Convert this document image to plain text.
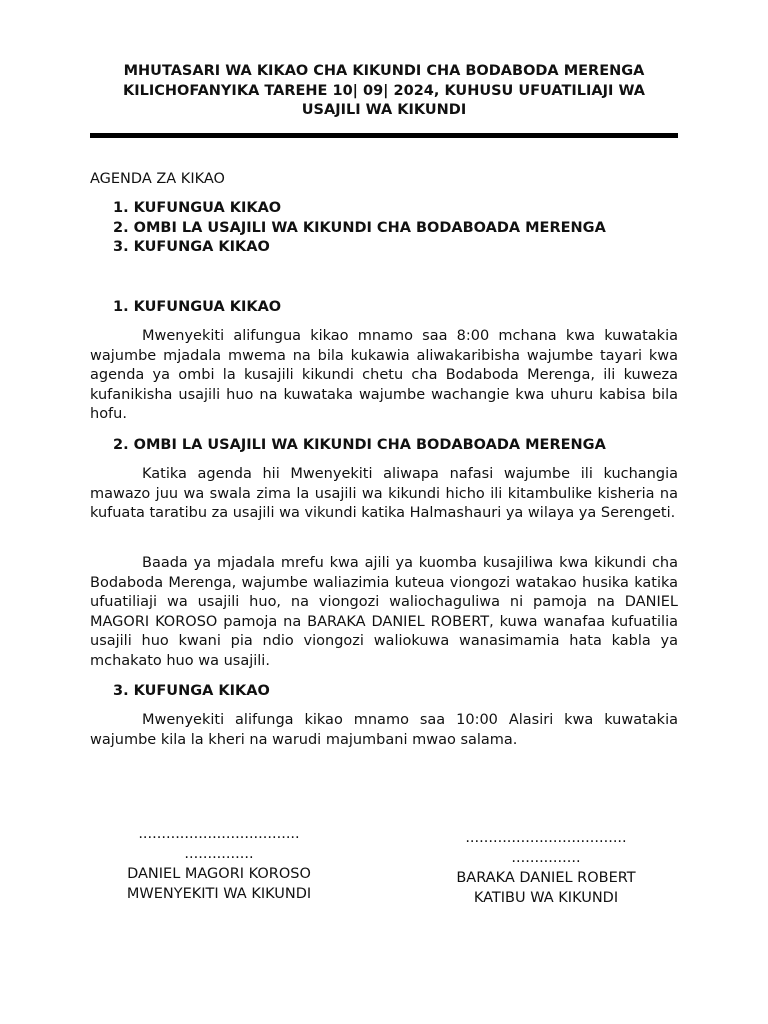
MHUTASARI WA KIKAO CHA KIKUNDI CHA BODABODA MERENGA
KILICHOFANYIKA TAREHE 10| 09| 2024, KUHUSU UFUATILIAJI WA
USAJILI WA KIKUNDI
AGENDA ZA KIKAO
1. KUFUNGUA KIKAO
2. OMBI LA USAJILI WA KIKUNDI CHA BODABOADA MERENGA
3. KUFUNGA KIKAO
1. KUFUNGUA KIKAO
Mwenyekiti alifungua kikao mnamo saa 8:00 mchana kwa kuwatakia wajumbe mjadala mwema na bila kukawia aliwakaribisha wajumbe tayari kwa agenda ya ombi la kusajili kikundi chetu cha Bodaboda Merenga, ili kuweza kufanikisha usajili huo na kuwataka wajumbe wachangie kwa uhuru kabisa bila hofu.
2. OMBI LA USAJILI WA KIKUNDI CHA BODABOADA MERENGA
Katika agenda hii Mwenyekiti aliwapa nafasi wajumbe ili kuchangia mawazo juu wa swala zima la usajili wa kikundi hicho ili kitambulike kisheria na kufuata taratibu za usajili wa vikundi katika Halmashauri ya wilaya ya Serengeti.
Baada ya mjadala mrefu kwa ajili ya kuomba kusajiliwa kwa kikundi cha Bodaboda Merenga, wajumbe waliazimia kuteua viongozi watakao husika katika ufuatiliaji wa usajili huo, na viongozi waliochaguliwa ni pamoja na DANIEL MAGORI KOROSO pamoja na BARAKA DANIEL ROBERT, kuwa wanafaa kufuatilia usajili huo kwani pia ndio viongozi waliokuwa wanasimamia hata kabla ya mchakato huo wa usajili.
3. KUFUNGA KIKAO
Mwenyekiti alifunga kikao mnamo saa 10:00 Alasiri kwa kuwatakia wajumbe kila la kheri na warudi majumbani mwao salama.
...................................
...............
DANIEL MAGORI KOROSO
MWENYEKITI WA KIKUNDI
...................................
...............
BARAKA DANIEL ROBERT
KATIBU WA KIKUNDI
